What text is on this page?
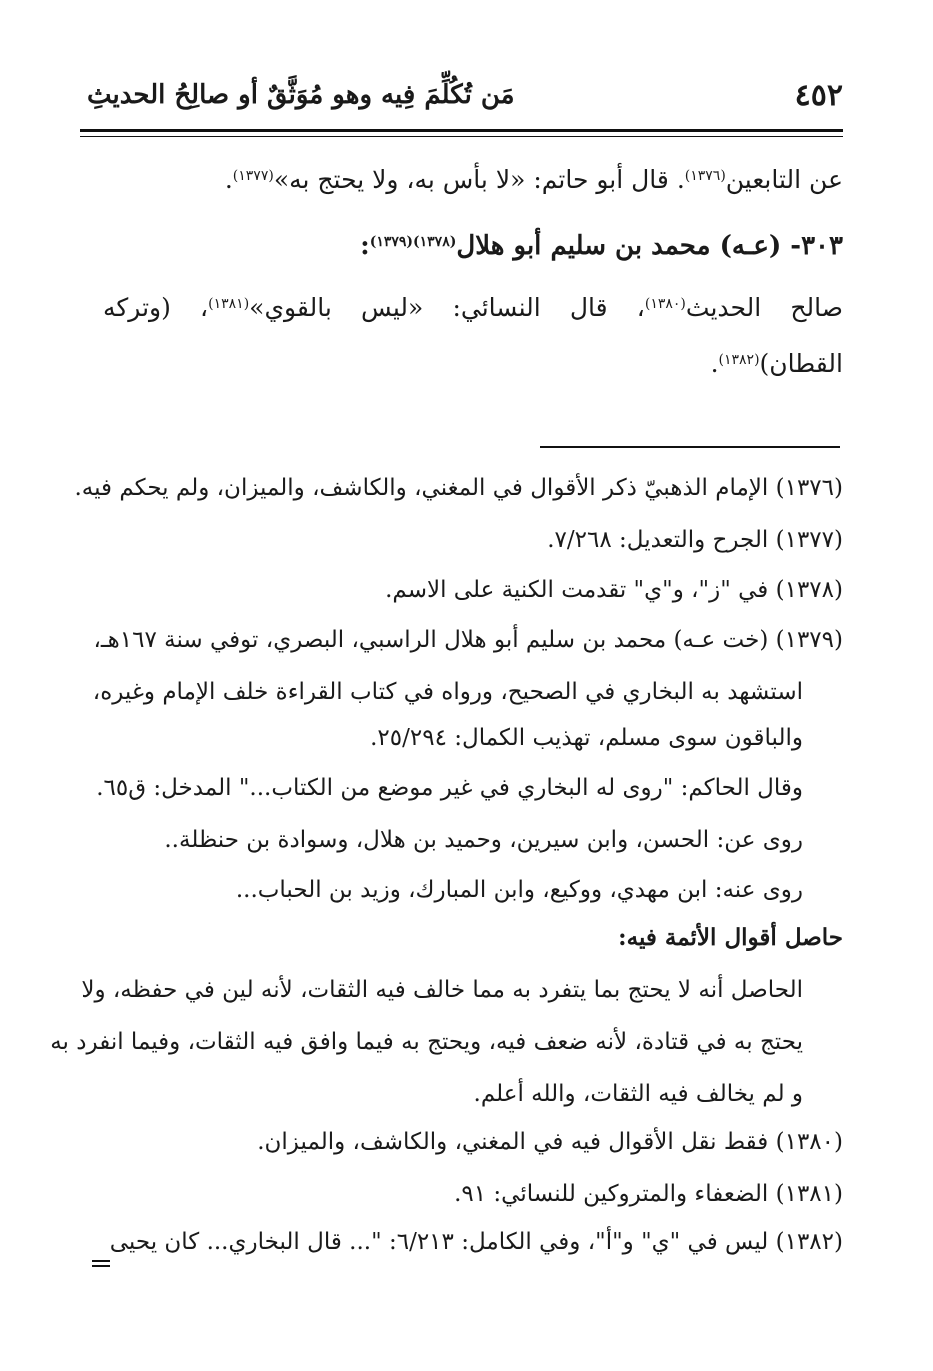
٤٥٢
مَن تُكُلِّمَ فِيه وهو مُوَثَّقٌ أو صالِحُ الحديثِ
عن التابعين$^{(١٣٧٦)}$. قال أبو حاتم: «لا بأس به، ولا يحتج به»$^{(١٣٧٧)}$.
٣٠٣- (عـه) محمد بن سليم أبو هلال$^{(١٣٧٨)(١٣٧٩)}$:
صالح الحديث$^{(١٣٨٠)}$، قال النسائي: «ليس بالقوي»$^{(١٣٨١)}$، (وتركه
القطان)$^{(١٣٨٢)}$.
(١٣٧٦) الإمام الذهبيّ ذكر الأقوال في المغني، والكاشف، والميزان، ولم يحكم فيه.
(١٣٧٧) الجرح والتعديل: ٧/٢٦٨.
(١٣٧٨) في "ز"، و"ي" تقدمت الكنية على الاسم.
(١٣٧٩) (خت عـه) محمد بن سليم أبو هلال الراسبي، البصري، توفي سنة ١٦٧هـ،
استشهد به البخاري في الصحيح، ورواه في كتاب القراءة خلف الإمام وغيره،
والباقون سوى مسلم، تهذيب الكمال: ٢٥/٢٩٤.
وقال الحاكم: "روى له البخاري في غير موضع من الكتاب..." المدخل: ق٦٥.
روى عن: الحسن، وابن سيرين، وحميد بن هلال، وسوادة بن حنظلة..
روى عنه: ابن مهدي، ووكيع، وابن المبارك، وزيد بن الحباب...
حاصل أقوال الأئمة فيه:
الحاصل أنه لا يحتج بما يتفرد به مما خالف فيه الثقات، لأنه لين في حفظه، ولا
يحتج به في قتادة، لأنه ضعف فيه، ويحتج به فيما وافق فيه الثقات، وفيما انفرد به
و لم يخالف فيه الثقات، والله أعلم.
(١٣٨٠) فقط نقل الأقوال فيه في المغني، والكاشف، والميزان.
(١٣٨١) الضعفاء والمتروكين للنسائي: ٩١.
(١٣٨٢) ليس في "ي" و"أ"، وفي الكامل: ٦/٢١٣: "... قال البخاري... كان يحيى
